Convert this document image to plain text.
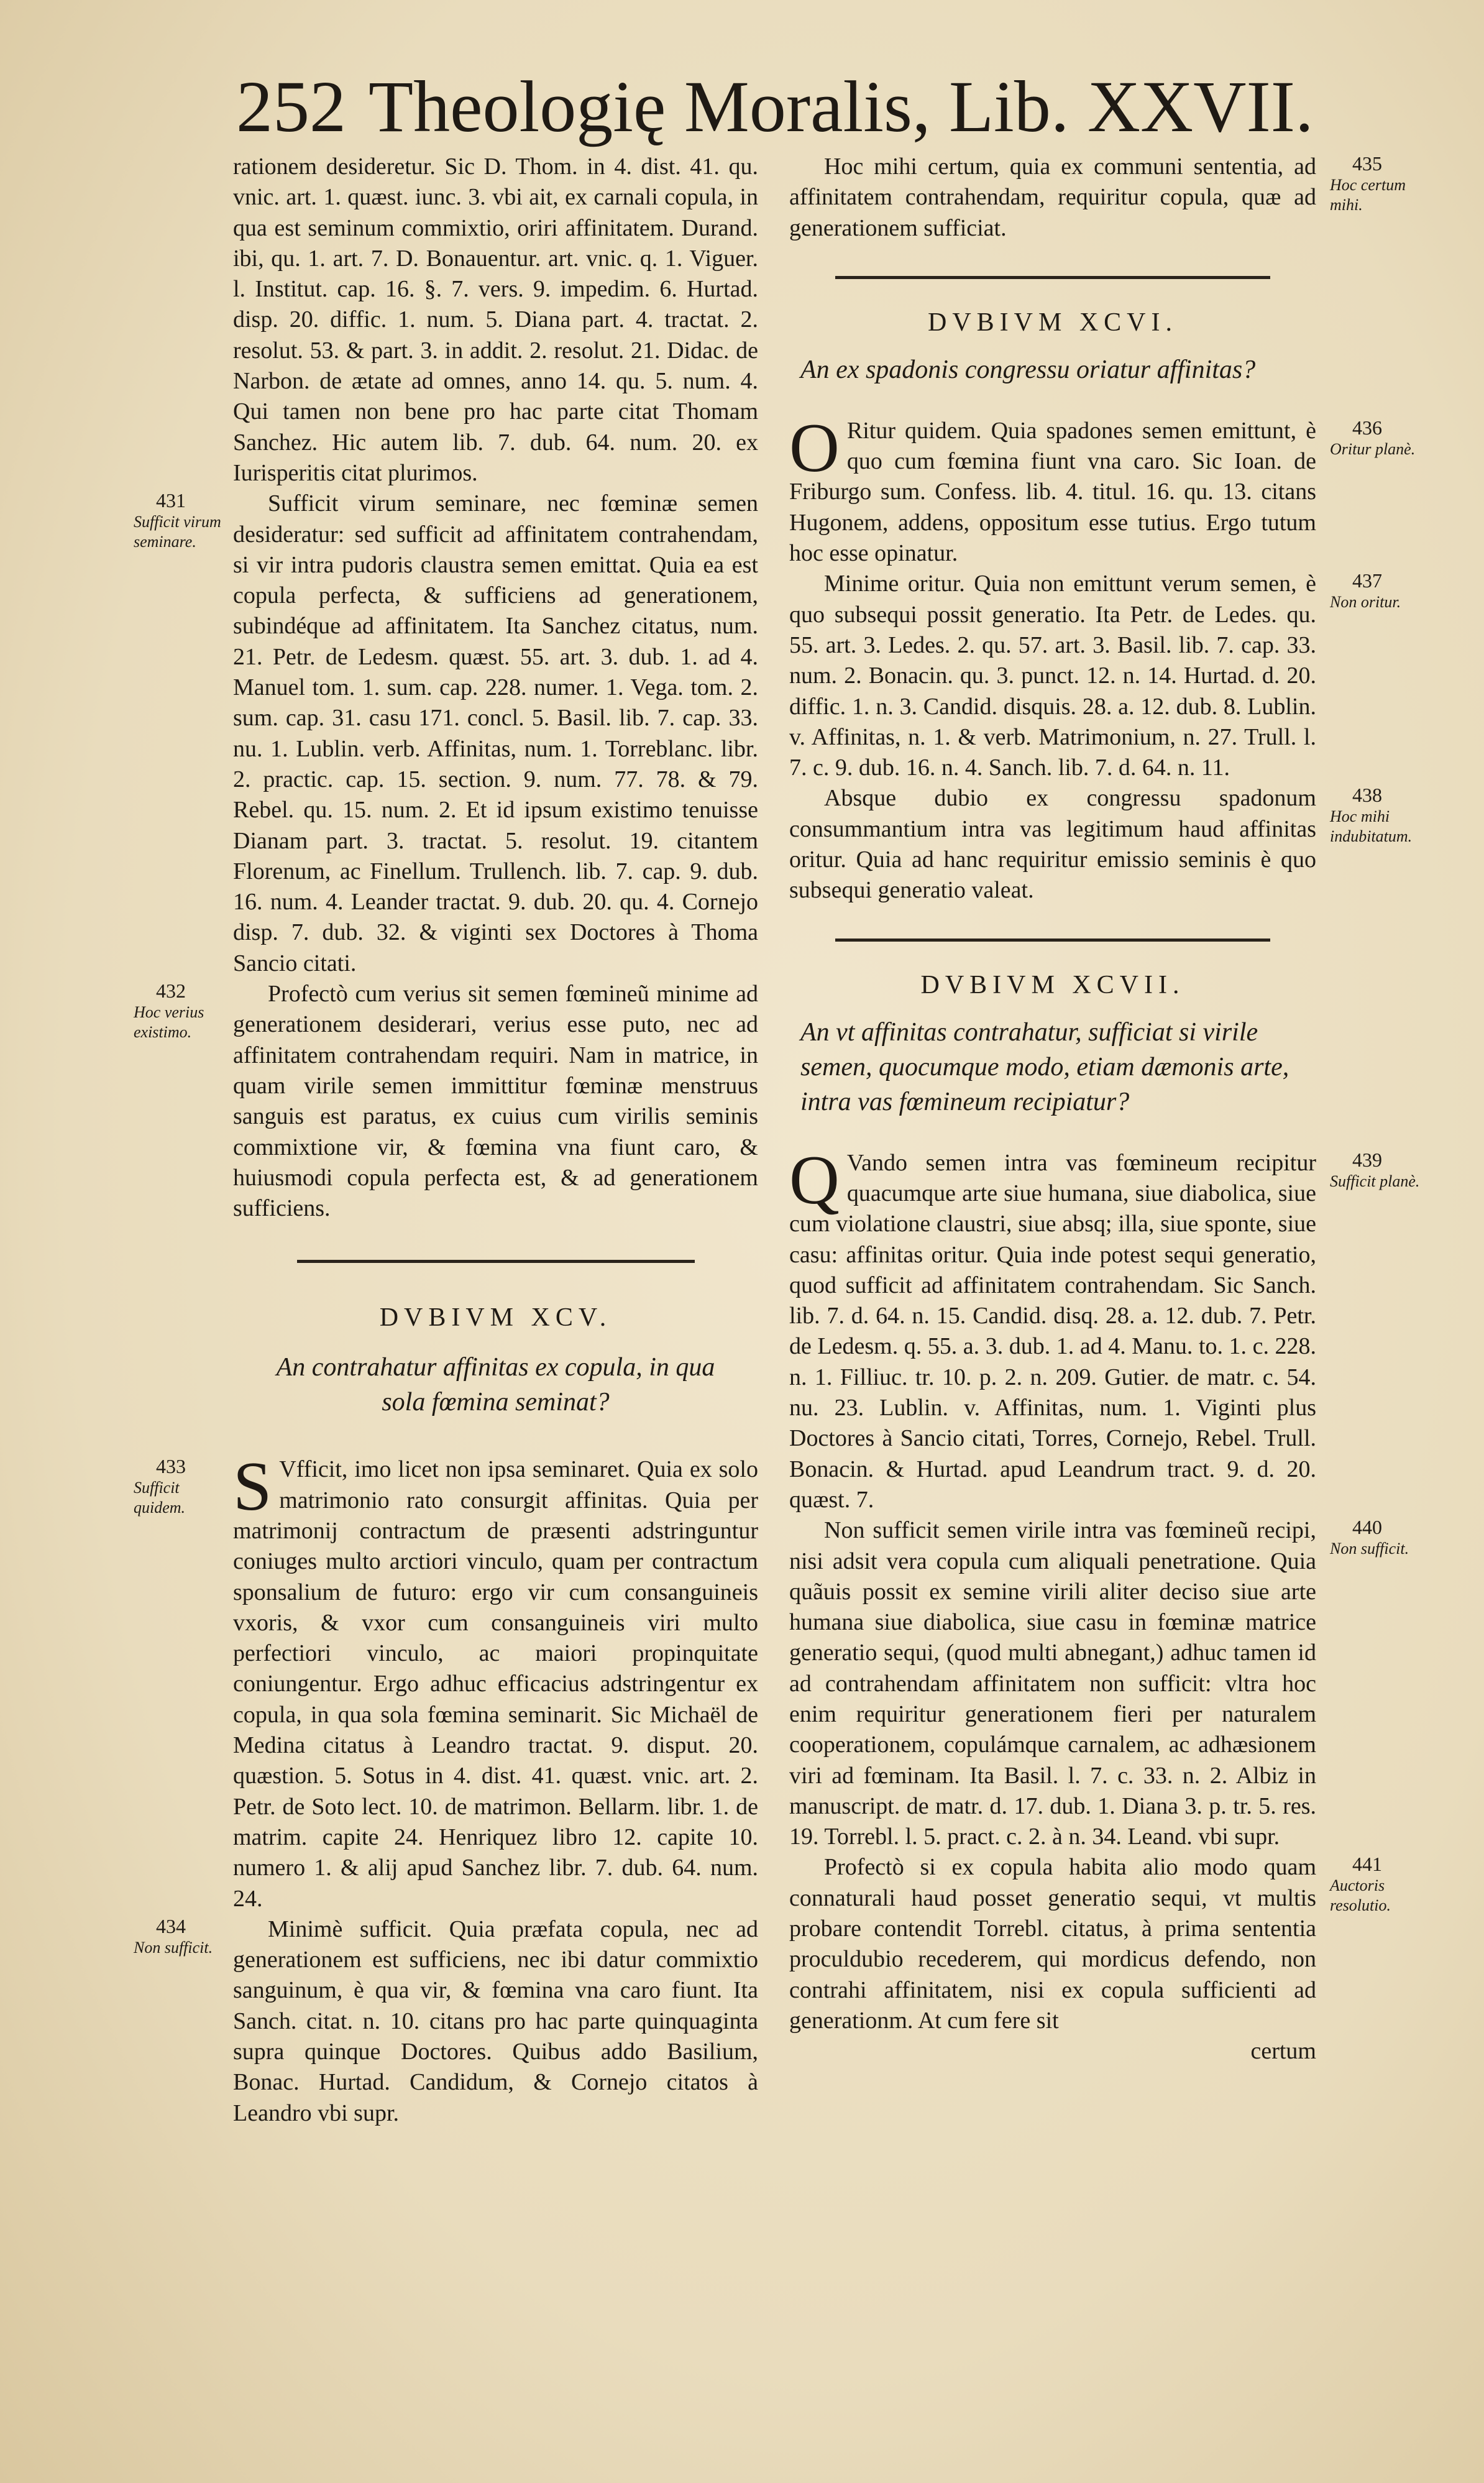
252 Theologię Moralis, Lib. XXVII.

rationem desideretur. Sic D. Thom. in 4. dist. 41. qu. vnic. art. 1. quæst. iunc. 3. vbi ait, ex carnali copula, in qua est seminum commixtio, oriri affinitatem. Durand. ibi, qu. 1. art. 7. D. Bonauentur. art. vnic. q. 1. Viguer. l. Institut. cap. 16. §. 7. vers. 9. impedim. 6. Hurtad. disp. 20. diffic. 1. num. 5. Diana part. 4. tractat. 2. resolut. 53. & part. 3. in addit. 2. resolut. 21. Didac. de Narbon. de ætate ad omnes, anno 14. qu. 5. num. 4. Qui tamen non bene pro hac parte citat Thomam Sanchez. Hic autem lib. 7. dub. 64. num. 20. ex Iurisperitis citat plurimos.

431
Sufficit virum seminare.

Sufficit virum seminare, nec fœminæ semen desideratur: sed sufficit ad affinitatem contrahendam, si vir intra pudoris claustra semen emittat. Quia ea est copula perfecta, & sufficiens ad generationem, subindéque ad affinitatem. Ita Sanchez citatus, num. 21. Petr. de Ledesm. quæst. 55. art. 3. dub. 1. ad 4. Manuel tom. 1. sum. cap. 228. numer. 1. Vega. tom. 2. sum. cap. 31. casu 171. concl. 5. Basil. lib. 7. cap. 33. nu. 1. Lublin. verb. Affinitas, num. 1. Torreblanc. libr. 2. practic. cap. 15. section. 9. num. 77. 78. & 79. Rebel. qu. 15. num. 2. Et id ipsum existimo tenuisse Dianam part. 3. tractat. 5. resolut. 19. citantem Florenum, ac Finellum. Trullench. lib. 7. cap. 9. dub. 16. num. 4. Leander tractat. 9. dub. 20. qu. 4. Cornejo disp. 7. dub. 32. & viginti sex Doctores à Thoma Sancio citati.

432
Hoc verius existimo.

Profectò cum verius sit semen fœmineũ minime ad generationem desiderari, verius esse puto, nec ad affinitatem contrahendam requiri. Nam in matrice, in quam virile semen immittitur fœminæ menstruus sanguis est paratus, ex cuius cum virilis seminis commixtione vir, & fœmina vna fiunt caro, & huiusmodi copula perfecta est, & ad generationem sufficiens.

DVBIVM XCV.

An contrahatur affinitas ex copula, in qua sola fœmina seminat?

433
Sufficit quidem. S Vfficit, imo licet non ipsa seminaret. Quia ex solo matrimonio rato consurgit affinitas. Quia per matrimonij contractum de præsenti adstringuntur coniuges multo arctiori vinculo, quam per contractum sponsalium de futuro: ergo vir cum consanguineis vxoris, & vxor cum consanguineis viri multo perfectiori vinculo, ac maiori propinquitate coniungentur. Ergo adhuc efficacius adstringentur ex copula, in qua sola fœmina seminarit. Sic Michaël de Medina citatus à Leandro tractat. 9. disput. 20. quæstion. 5. Sotus in 4. dist. 41. quæst. vnic. art. 2. Petr. de Soto lect. 10. de matrimon. Bellarm. libr. 1. de matrim. capite 24. Henriquez libro 12. capite 10. numero 1. & alij apud Sanchez libr. 7. dub. 64. num. 24.

434
Non sufficit.

Minimè sufficit. Quia præfata copula, nec ad generationem est sufficiens, nec ibi datur commixtio sanguinum, è qua vir, & fœmina vna caro fiunt. Ita Sanch. citat. n. 10. citans pro hac parte quinquaginta supra quinque Doctores. Quibus addo Basilium, Bonac. Hurtad. Candidum, & Cornejo citatos à Leandro vbi supr.

435
Hoc certum mihi.

Hoc mihi certum, quia ex communi sententia, ad affinitatem contrahendam, requiritur copula, quæ ad generationem sufficiat.

DVBIVM XCVI.

An ex spadonis congressu oriatur affinitas?

436
Oritur planè.

O Ritur quidem. Quia spadones semen emittunt, è quo cum fœmina fiunt vna caro. Sic Ioan. de Friburgo sum. Confess. lib. 4. titul. 16. qu. 13. citans Hugonem, addens, oppositum esse tutius. Ergo tutum hoc esse opinatur.

437
Non oritur.

Minime oritur. Quia non emittunt verum semen, è quo subsequi possit generatio. Ita Petr. de Ledes. qu. 55. art. 3. Ledes. 2. qu. 57. art. 3. Basil. lib. 7. cap. 33. num. 2. Bonacin. qu. 3. punct. 12. n. 14. Hurtad. d. 20. diffic. 1. n. 3. Candid. disquis. 28. a. 12. dub. 8. Lublin. v. Affinitas, n. 1. & verb. Matrimonium, n. 27. Trull. l. 7. c. 9. dub. 16. n. 4. Sanch. lib. 7. d. 64. n. 11.

438
Hoc mihi indubitatum.

Absque dubio ex congressu spadonum consummantium intra vas legitimum haud affinitas oritur. Quia ad hanc requiritur emissio seminis è quo subsequi generatio valeat.

DVBIVM XCVII.

An vt affinitas contrahatur, sufficiat si virile semen, quocumque modo, etiam dæmonis arte, intra vas fœmineum recipiatur?

439
Sufficit planè.

Q Vando semen intra vas fœmineum recipitur quacumque arte siue humana, siue diabolica, siue cum violatione claustri, siue absq; illa, siue sponte, siue casu: affinitas oritur. Quia inde potest sequi generatio, quod sufficit ad affinitatem contrahendam. Sic Sanch. lib. 7. d. 64. n. 15. Candid. disq. 28. a. 12. dub. 7. Petr. de Ledesm. q. 55. a. 3. dub. 1. ad 4. Manu. to. 1. c. 228. n. 1. Filliuc. tr. 10. p. 2. n. 209. Gutier. de matr. c. 54. nu. 23. Lublin. v. Affinitas, num. 1. Viginti plus Doctores à Sancio citati, Torres, Cornejo, Rebel. Trull. Bonacin. & Hurtad. apud Leandrum tract. 9. d. 20. quæst. 7.

440
Non sufficit.

Non sufficit semen virile intra vas fœmineũ recipi, nisi adsit vera copula cum aliquali penetratione. Quia quãuis possit ex semine virili aliter deciso siue arte humana siue diabolica, siue casu in fœminæ matrice generatio sequi, (quod multi abnegant,) adhuc tamen id ad contrahendam affinitatem non sufficit: vltra hoc enim requiritur generationem fieri per naturalem cooperationem, copulámque carnalem, ac adhæsionem viri ad fœminam. Ita Basil. l. 7. c. 33. n. 2. Albiz in manuscript. de matr. d. 17. dub. 1. Diana 3. p. tr. 5. res. 19. Torrebl. l. 5. pract. c. 2. à n. 34. Leand. vbi supr.

441
Auctoris resolutio.

Profectò si ex copula habita alio modo quam connaturali haud posset generatio sequi, vt multis probare contendit Torrebl. citatus, à prima sententia proculdubio recederem, qui mordicus defendo, non contrahi affinitatem, nisi ex copula sufficienti ad generationm. At cum fere sit

certum
